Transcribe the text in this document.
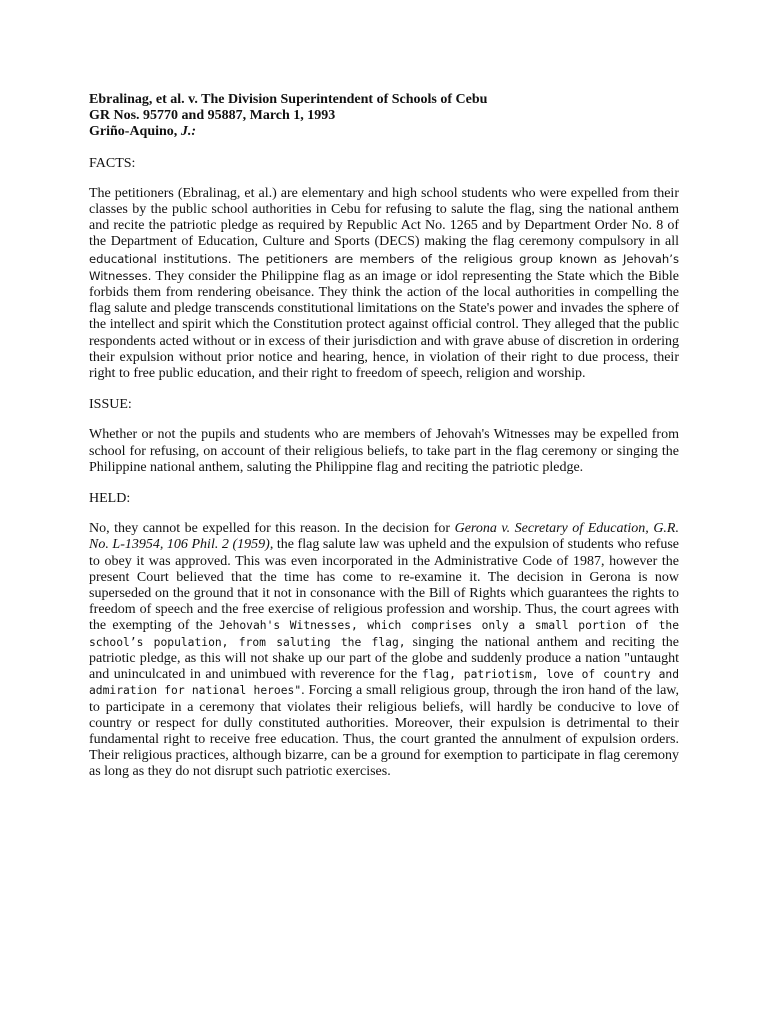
Ebralinag, et al. v. The Division Superintendent of Schools of Cebu
GR Nos. 95770 and 95887, March 1, 1993
Griño-Aquino, J.:
FACTS:

The petitioners (Ebralinag, et al.) are elementary and high school students who were expelled from their classes by the public school authorities in Cebu for refusing to salute the flag, sing the national anthem and recite the patriotic pledge as required by Republic Act No. 1265 and by Department Order No. 8 of the Department of Education, Culture and Sports (DECS) making the flag ceremony compulsory in all educational institutions. The petitioners are members of the religious group known as Jehovah’s Witnesses. They consider the Philippine flag as an image or idol representing the State which the Bible forbids them from rendering obeisance. They think the action of the local authorities in compelling the flag salute and pledge transcends constitutional limitations on the State's power and invades the sphere of the intellect and spirit which the Constitution protect against official control. They alleged that the public respondents acted without or in excess of their jurisdiction and with grave abuse of discretion in ordering their expulsion without prior notice and hearing, hence, in violation of their right to due process, their right to free public education, and their right to freedom of speech, religion and worship.

ISSUE:

Whether or not the pupils and students who are members of Jehovah's Witnesses may be expelled from school for refusing, on account of their religious beliefs, to take part in the flag ceremony or singing the Philippine national anthem, saluting the Philippine flag and reciting the patriotic pledge.

HELD:

No, they cannot be expelled for this reason. In the decision for Gerona v. Secretary of Education, G.R. No. L-13954, 106 Phil. 2 (1959), the flag salute law was upheld and the expulsion of students who refuse to obey it was approved. This was even incorporated in the Administrative Code of 1987, however the present Court believed that the time has come to re-examine it. The decision in Gerona is now superseded on the ground that it not in consonance with the Bill of Rights which guarantees the rights to freedom of speech and the free exercise of religious profession and worship. Thus, the court agrees with the exempting of the Jehovah's Witnesses, which comprises only a small portion of the school’s population, from saluting the flag, singing the national anthem and reciting the patriotic pledge, as this will not shake up our part of the globe and suddenly produce a nation "untaught and uninculcated in and unimbued with reverence for the flag, patriotism, love of country and admiration for national heroes". Forcing a small religious group, through the iron hand of the law, to participate in a ceremony that violates their religious beliefs, will hardly be conducive to love of country or respect for dully constituted authorities. Moreover, their expulsion is detrimental to their fundamental right to receive free education. Thus, the court granted the annulment of expulsion orders. Their religious practices, although bizarre, can be a ground for exemption to participate in flag ceremony as long as they do not disrupt such patriotic exercises.
